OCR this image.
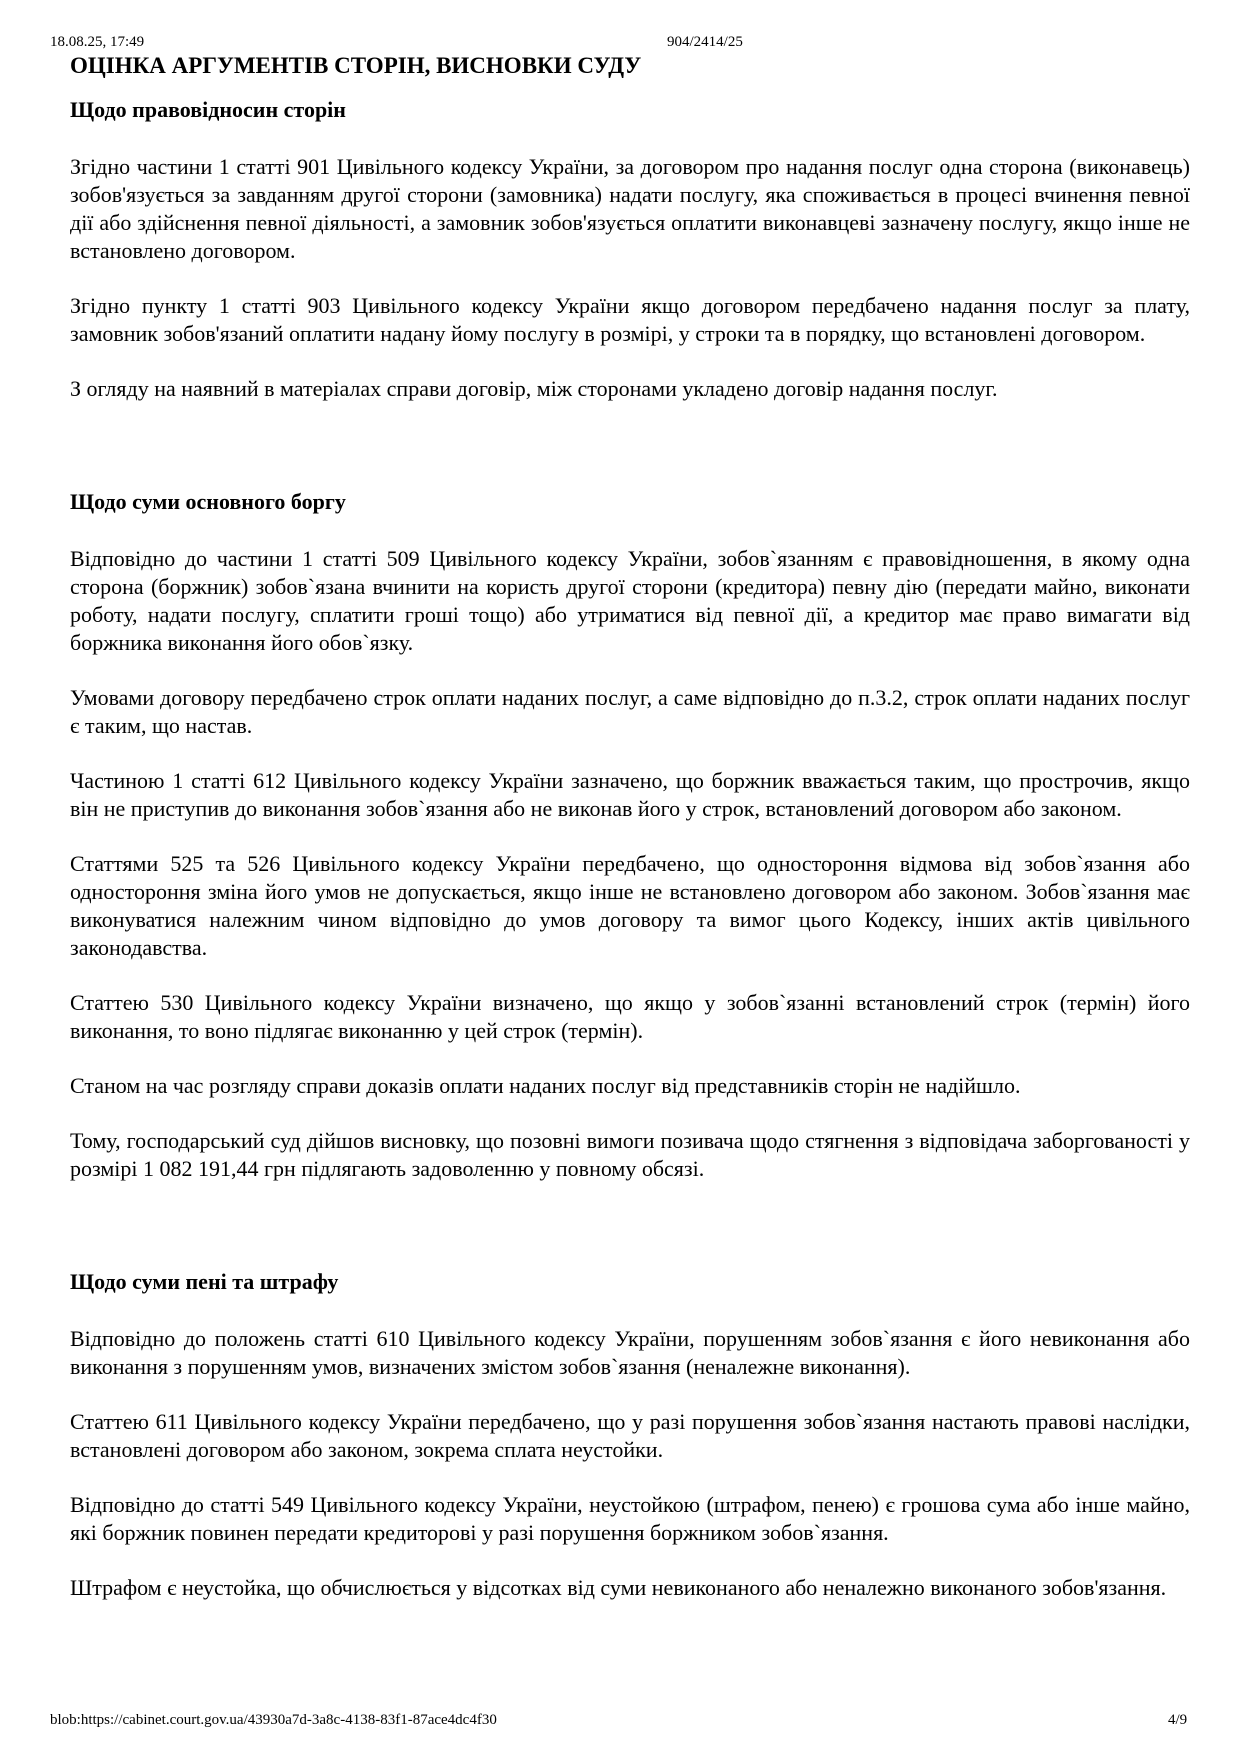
18.08.25, 17:49	904/2414/25
ОЦІНКА АРГУМЕНТІВ СТОРІН, ВИСНОВКИ СУДУ
Щодо правовідносин сторін

Згідно частини 1 статті 901 Цивільного кодексу України, за договором про надання послуг одна сторона (виконавець) зобов'язується за завданням другої сторони (замовника) надати послугу, яка споживається в процесі вчинення певної дії або здійснення певної діяльності, а замовник зобов'язується оплатити виконавцеві зазначену послугу, якщо інше не встановлено договором.

Згідно пункту 1 статті 903 Цивільного кодексу України якщо договором передбачено надання послуг за плату, замовник зобов'язаний оплатити надану йому послугу в розмірі, у строки та в порядку, що встановлені договором.

З огляду на наявний в матеріалах справи договір, між сторонами укладено договір надання послуг.

Щодо суми основного боргу

Відповідно до частини 1 статті 509 Цивільного кодексу України, зобов`язанням є правовідношення, в якому одна сторона (боржник) зобов`язана вчинити на користь другої сторони (кредитора) певну дію (передати майно, виконати роботу, надати послугу, сплатити гроші тощо) або утриматися від певної дії, а кредитор має право вимагати від боржника виконання його обов`язку.

Умовами договору передбачено строк оплати наданих послуг, а саме відповідно до п.3.2, строк оплати наданих послуг є таким, що настав.

Частиною 1 статті 612 Цивільного кодексу України зазначено, що боржник вважається таким, що прострочив, якщо він не приступив до виконання зобов`язання або не виконав його у строк, встановлений договором або законом.

Статтями 525 та 526 Цивільного кодексу України передбачено, що одностороння відмова від зобов`язання або одностороння зміна його умов не допускається, якщо інше не встановлено договором або законом. Зобов`язання має виконуватися належним чином відповідно до умов договору та вимог цього Кодексу, інших актів цивільного законодавства.

Статтею 530 Цивільного кодексу України визначено, що якщо у зобов`язанні встановлений строк (термін) його виконання, то воно підлягає виконанню у цей строк (термін).

Станом на час розгляду справи доказів оплати наданих послуг від представників сторін не надійшло.

Тому, господарський суд дійшов висновку, що позовні вимоги позивача щодо стягнення з відповідача заборгованості у розмірі 1 082 191,44 грн підлягають задоволенню у повному обсязі.

Щодо суми пені та штрафу

Відповідно до положень статті 610 Цивільного кодексу України, порушенням зобов`язання є його невиконання або виконання з порушенням умов, визначених змістом зобов`язання (неналежне виконання).

Статтею 611 Цивільного кодексу України передбачено, що у разі порушення зобов`язання настають правові наслідки, встановлені договором або законом, зокрема сплата неустойки.

Відповідно до статті 549 Цивільного кодексу України, неустойкою (штрафом, пенею) є грошова сума або інше майно, які боржник повинен передати кредиторові у разі порушення боржником зобов`язання.

Штрафом є неустойка, що обчислюється у відсотках від суми невиконаного або неналежно виконаного зобов'язання.

blob:https://cabinet.court.gov.ua/43930a7d-3a8c-4138-83f1-87ace4dc4f30	4/9
